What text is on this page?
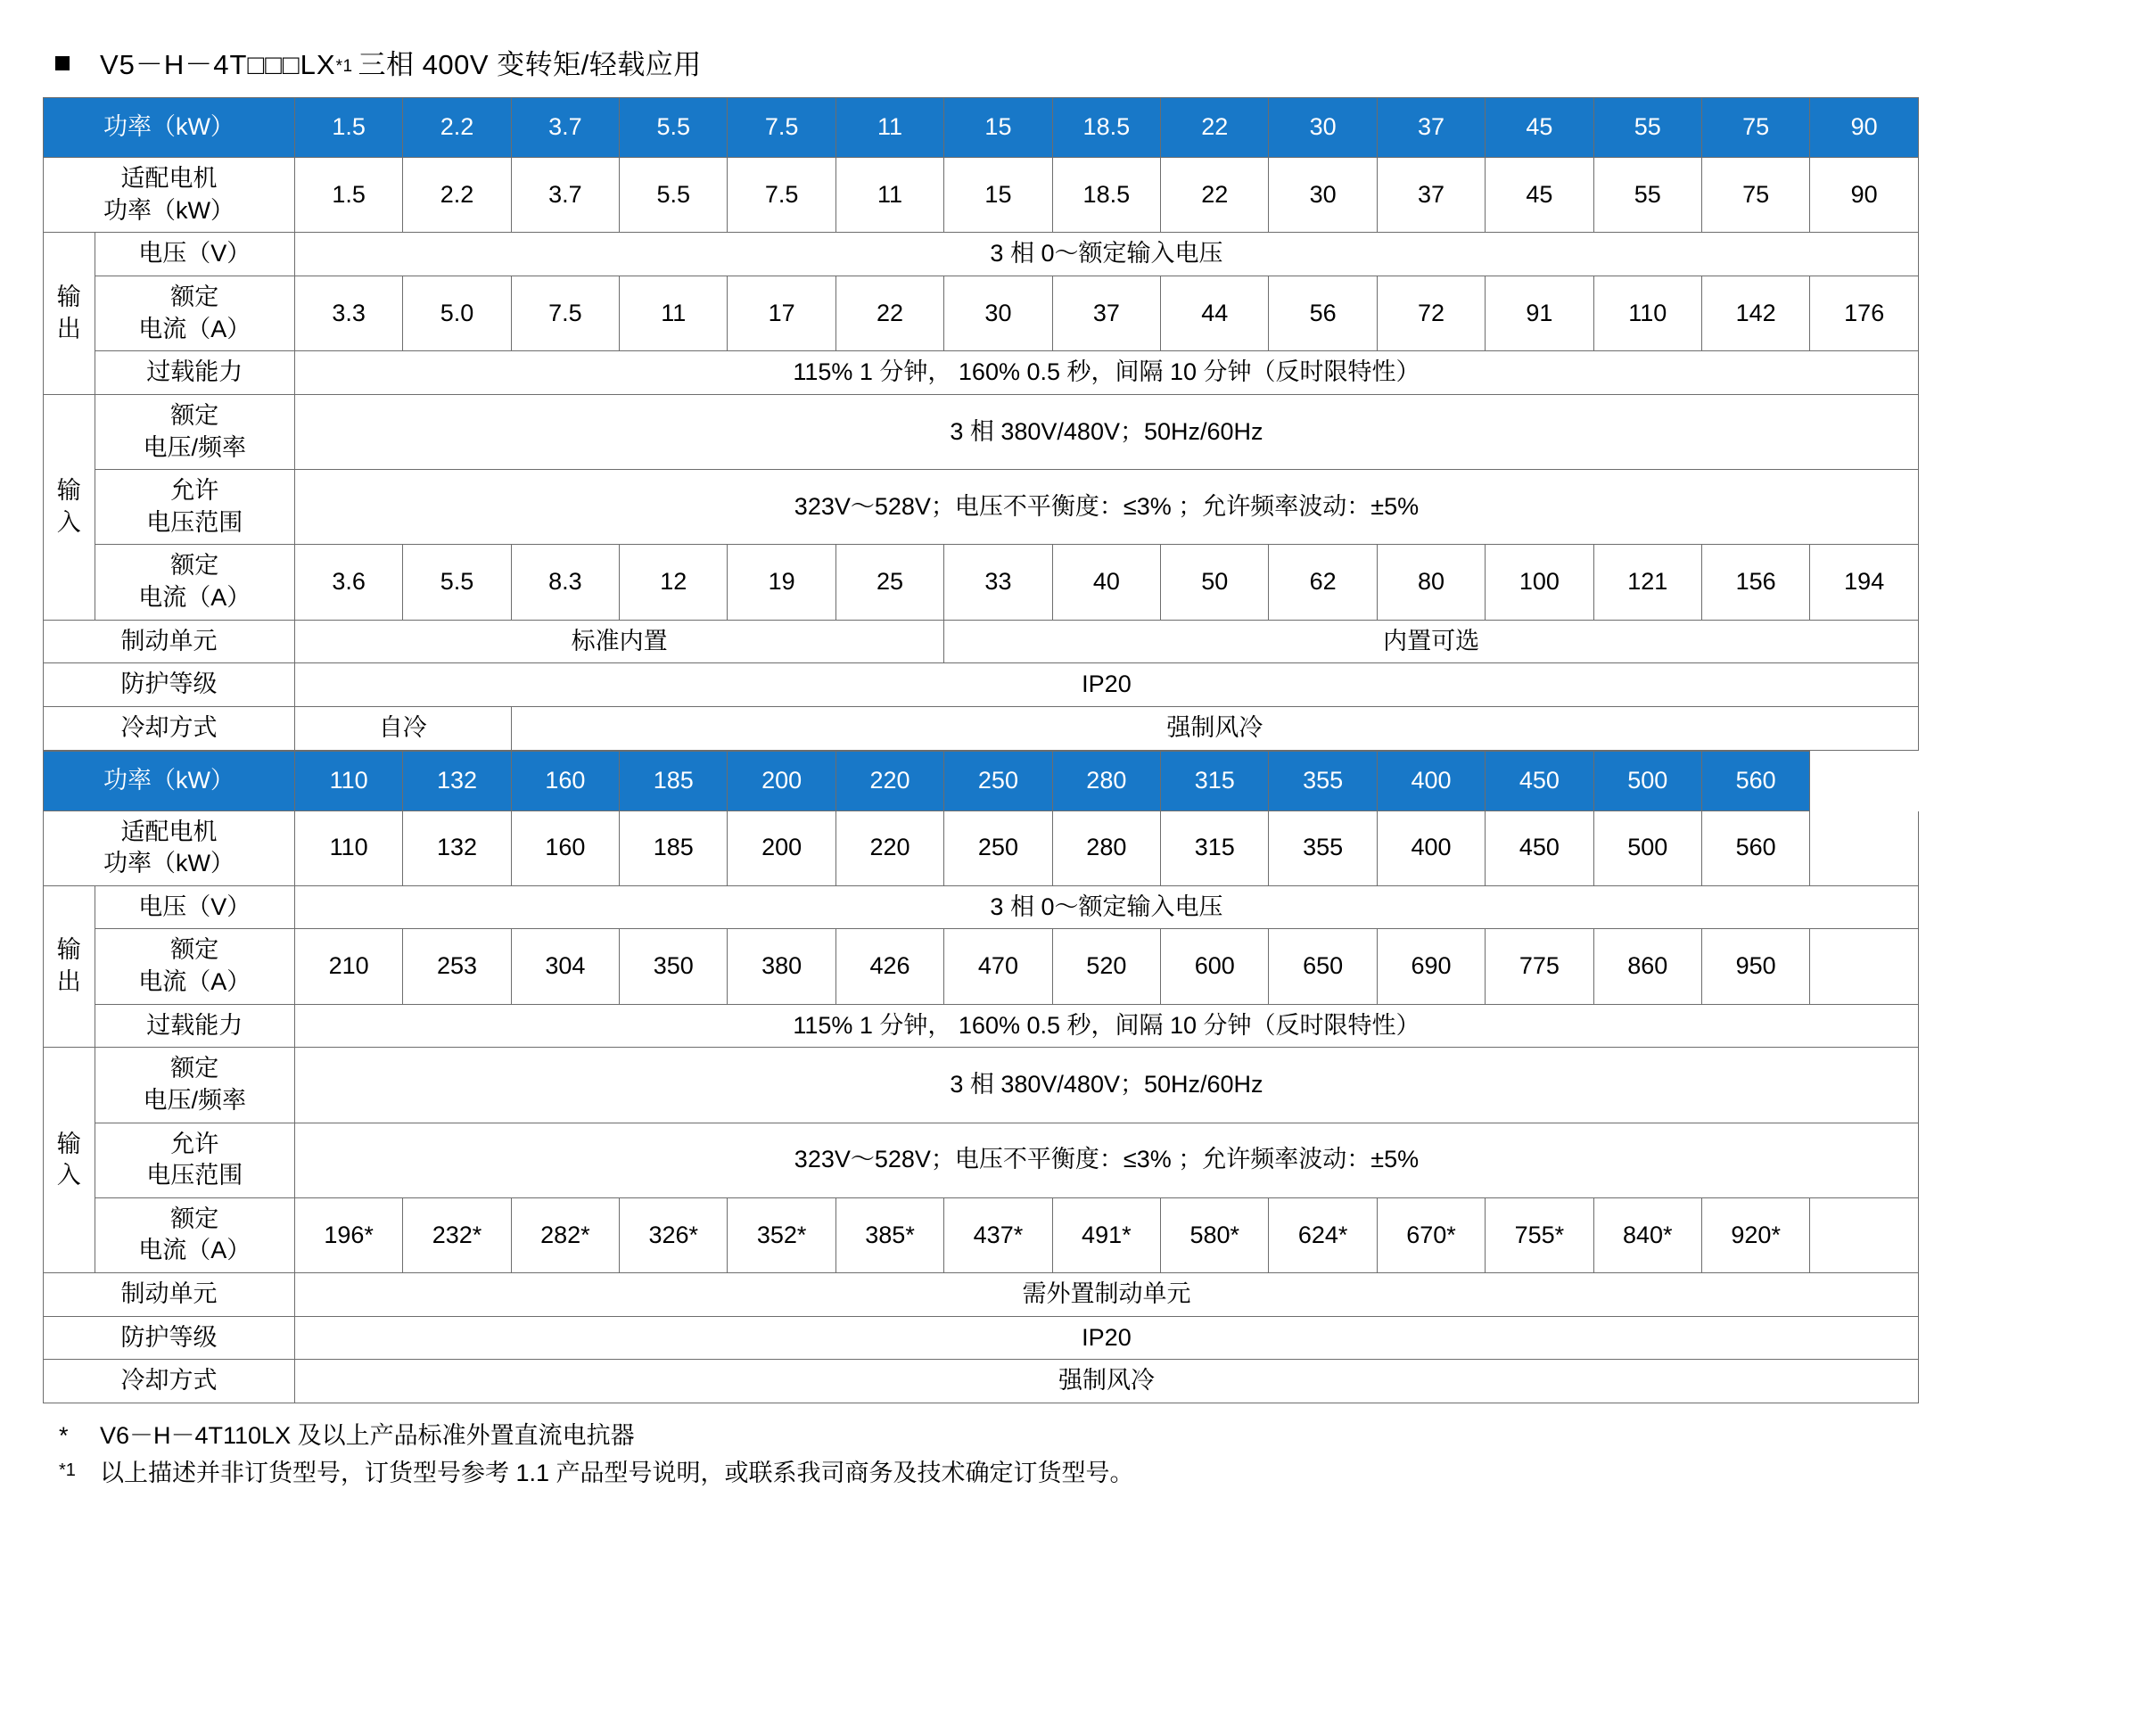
V5－H－4T□□□LX *1 三相 400V 变转矩/轻载应用
功率（kW）		1.5	2.2	3.7	5.5	7.5	11	15	18.5	22	30	37	45	55	75	90

适配电机
功率（kW）		1.5	2.2	3.7	5.5	7.5	11	15	18.5	22	30	37	45	55	75	90

输
出	电压（V）	3 相 0～额定输入电压														

	额定
电流（A）	3.3	5.0	7.5	11	17	22	30	37	44	56	72	91	110	142	176
	过载能力	115% 1 分钟， 160% 0.5 秒，间隔 10 分钟（反时限特性）														

输
入

额定
电压/频率
	3 相 380V/480V；50Hz/60Hz

	允许
电压范围	323V～528V；电压不平衡度：≤3% ；允许频率波动：±5%														

	额定
电流（A）	3.6	5.5	8.3	12	19	25	33	40	50	62	80	100	121	156	194
制动单元		标准内置						内置可选								
防护等级		IP20														
冷却方式		自冷		强制风冷												
功率（kW）		110	132	160	185	200	220	250	280	315	355	400	450	500	560	

适配电机
功率（kW）		110	132	160	185	200	220	250	280	315	355	400	450	500	560	

输
出	电压（V）	3 相 0～额定输入电压														

	额定
电流（A）	210	253	304	350	380	426	470	520	600	650	690	775	860	950	
	过载能力	115% 1 分钟， 160% 0.5 秒，间隔 10 分钟（反时限特性）														

输
入

额定
电压/频率
	3 相 380V/480V；50Hz/60Hz

	允许
电压范围	323V～528V；电压不平衡度：≤3% ；允许频率波动：±5%														

	额定
电流（A）	196*	232*	282*	326*	352*	385*	437*	491*	580*	624*	670*	755*	840*	920*	
制动单元		需外置制动单元														
防护等级		IP20														
冷却方式		强制风冷														
*	V6－H－4T110LX 及以上产品标准外置直流电抗器
*1	以上描述并非订货型号，订货型号参考 1.1 产品型号说明，或联系我司商务及技术确定订货型号。
